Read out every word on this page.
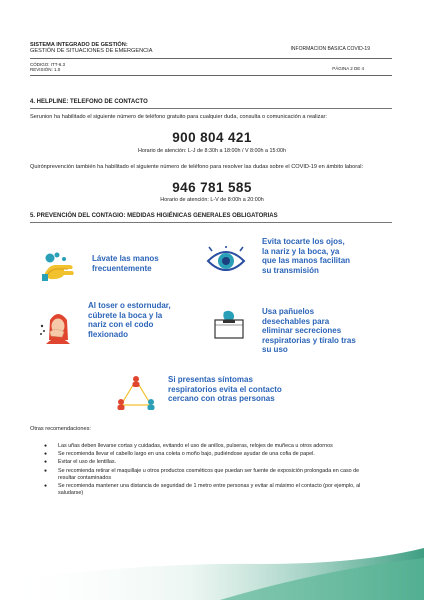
SISTEMA INTEGRADO DE GESTIÓN:
GESTIÓN DE SITUACIONES DE EMERGENCIA	INFORMACION BASICA COVID-19
CÓDIGO: ITT-6.3
REVISIÓN: 1.0	PÁGINA 2 DE 4
4. HELPLINE: TELEFONO DE CONTACTO
Serunion ha habilitado el siguiente número de teléfono gratuito para cualquier duda, consulta o comunicación a realizar:
900 804 421
Horario de atención: L-J de 8:30h a 18:00h / V 8:00h a 15:00h
Quirónprevención también ha habilitado el siguiente número de teléfono para resolver las dudas sobre el COVID-19 en ámbito laboral:
946 781 585
Horario de atención: L-V de 8:00h a 20:00h
5. PREVENCIÓN DEL CONTAGIO: MEDIDAS HIGIÉNICAS GENERALES OBLIGATORIAS
Lávate las manos
frecuentemente
Evita tocarte los ojos,
la nariz y la boca, ya
que las manos facilitan
su transmisión
Al toser o estornudar,
cúbrete la boca y la
nariz con el codo
flexionado
Usa pañuelos
desechables para
eliminar secreciones
respiratorias y tíralo tras
su uso
Si presentas síntomas
respiratorios evita el contacto
cercano con otras personas
Otras recomendaciones:
● Las uñas deben llevarse cortas y cuidadas, evitando el uso de anillos, pulseras, relojes de muñeca u otros adornos
● Se recomienda llevar el cabello largo en una coleta o moño bajo, pudiéndose ayudar de una cofia de papel.
● Evitar el uso de lentillas.
● Se recomienda retirar el maquillaje u otros productos cosméticos que puedan ser fuente de exposición prolongada en caso de resultar contaminados
● Se recomienda mantener una distancia de seguridad de 1 metro entre personas y evitar al máximo el contacto (por ejemplo, al saludarse)
